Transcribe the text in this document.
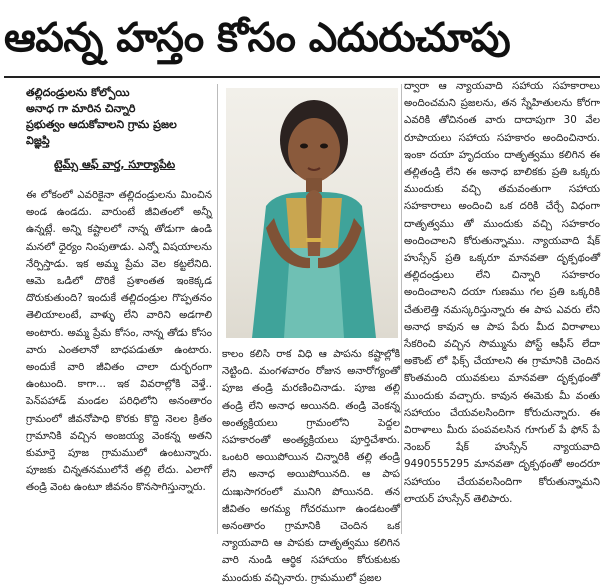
ఆపన్న హస్తం కోసం ఎదురుచూపు
తల్లిదండ్రులను కోల్పోయి
అనాధ గా మారిన చిన్నారి
ప్రభుత్వం ఆదుకోవాలని గ్రామ ప్రజల
విజ్ఞప్తి
టైమ్స్ ఆఫ్ వార్త, సూర్యాపేట

ఈ లోకంలో ఎవరికైనా తల్లిదండ్రులను మించిన అండ ఉండదు. వారుంటే జీవితంలో అన్నీ ఉన్నట్లే. అన్ని కష్టాలలో నాన్న తోడుగా ఉండి మనలో ధైర్యం నింపుతాడు. ఎన్నో విషయాలను నేర్పిస్తాడు. ఇక అమ్మ ప్రేమ వెల కట్టలేనిది. ఆమె ఒడిలో దొరికే ప్రశాంతత ఇంకెక్కడ దొరుకుతుంది? ఇందుకే తల్లిదండ్రుల గొప్పతనం తెలియాలంటే, వాళ్ళు లేని వారిని అడగాలి అంటారు. అమ్మ ప్రేమ కోసం, నాన్న తోడు కోసం వారు ఎంతలానో బాధపడుతూ ఉంటారు. అందుకే వారి జీవితం చాలా దుర్భరంగా ఉంటుంది. కాగా... ఇక వివరాల్లోకి వెళ్తే.. పెన్‌పహాడ్ మండల పరిధిలోని అనంతారం గ్రామంలో జీవనోపాధి కొరకు కొద్ది నెలల క్రితం గ్రామానికి వచ్చిన అంజయ్య వెంకన్న అతని కుమార్తె పూజ గ్రామములో ఉంటున్నారు. పూజకు చిన్నతనములోనే తల్లి లేదు. ఎలాగో తండ్రి వెంట ఉంటూ జీవనం కొనసాగిస్తున్నారు.

కాలం కలిసి రాక విధి ఆ పాపను కష్టాల్లోకి నెట్టింది. మంగళవారం రోజున అనారోగ్యంతో పూజ తండ్రి మరణించినాడు. పూజ తల్లి తండ్రి లేని అనాధ అయినది. తండ్రి వెంకన్న అంత్యక్రియలు గ్రామంలోని పెద్దల సహకారంతో అంత్యక్రియలు పూర్తిచేశారు. ఒంటరి అయిపోయిన చిన్నారికి తల్లి తండ్రి లేని అనాధ అయిపోయినది. ఆ పాప దుఃఖసాగరంలో మునిగి పోయినది. తన జీవితం అగమ్య గోచరముగా ఉండటంతో అనంతారం గ్రామానికి చెందిన ఒక న్యాయవాది ఆ పాపకు దాతృత్వము కలిగిన వారి నుండి ఆర్థిక సహాయం కోరుకుటకు ముందుకు వచ్చినారు. గ్రామములో ప్రజల

ద్వారా ఆ న్యాయవాది సహాయ సహకారాలు అందించమని ప్రజలను, తన స్నేహితులను కోరగా ఎవరికి తోచినంత వారు దాదాపుగా 30 వేల రూపాయలు సహాయ సహకారం అందించినారు. ఇంకా దయా హృదయం దాతృత్వము కలిగిన ఈ తల్లితండ్రి లేని ఈ అనాధ బాలికకు ప్రతి ఒక్కరు ముందుకు వచ్చి తమవంతుగా సహాయ సహకారాలు అందించి ఒక దరికి చేర్చే విధంగా దాతృత్వము తో ముందుకు వచ్చి సహకారం అందించాలని కోరుతున్నాము. న్యాయవాది షేక్ హుస్సేన్ ప్రతి ఒక్కరూ మానవతా దృక్పథంతో తల్లిదండ్రులు లేని చిన్నారి సహకారం అందించాలని దయా గుణము గల ప్రతి ఒక్కరికి చేతులెత్తి నమస్కరిస్తున్నారు ఈ పాప ఎవరు లేని అనాధ కావున ఆ పాప పేరు మీద విరాళాలు సేకరించి వచ్చిన సొమ్మును పోస్ట్ ఆఫీస్ లేదా అకౌంట్ లో ఫిక్స్ చేయాలని ఈ గ్రామానికి చెందిన కొంతమంది యువకులు మానవతా దృక్పథంతో ముందుకు వచ్చారు. కావున ఈమెకు మీ వంతు సహాయం చేయవలసిందిగా కోరుచున్నారు. ఈ విరాళాలు మీరు పంపవలసిన గూగుల్ పే ఫోన్ పే నెంబర్ షేక్ హుస్సేన్ న్యాయవాది 9490555295 మానవతా దృక్పథంతో అందరూ సహాయం చేయవలసిందిగా కోరుతున్నామని లాయర్ హుస్సేన్ తెలిపారు.
